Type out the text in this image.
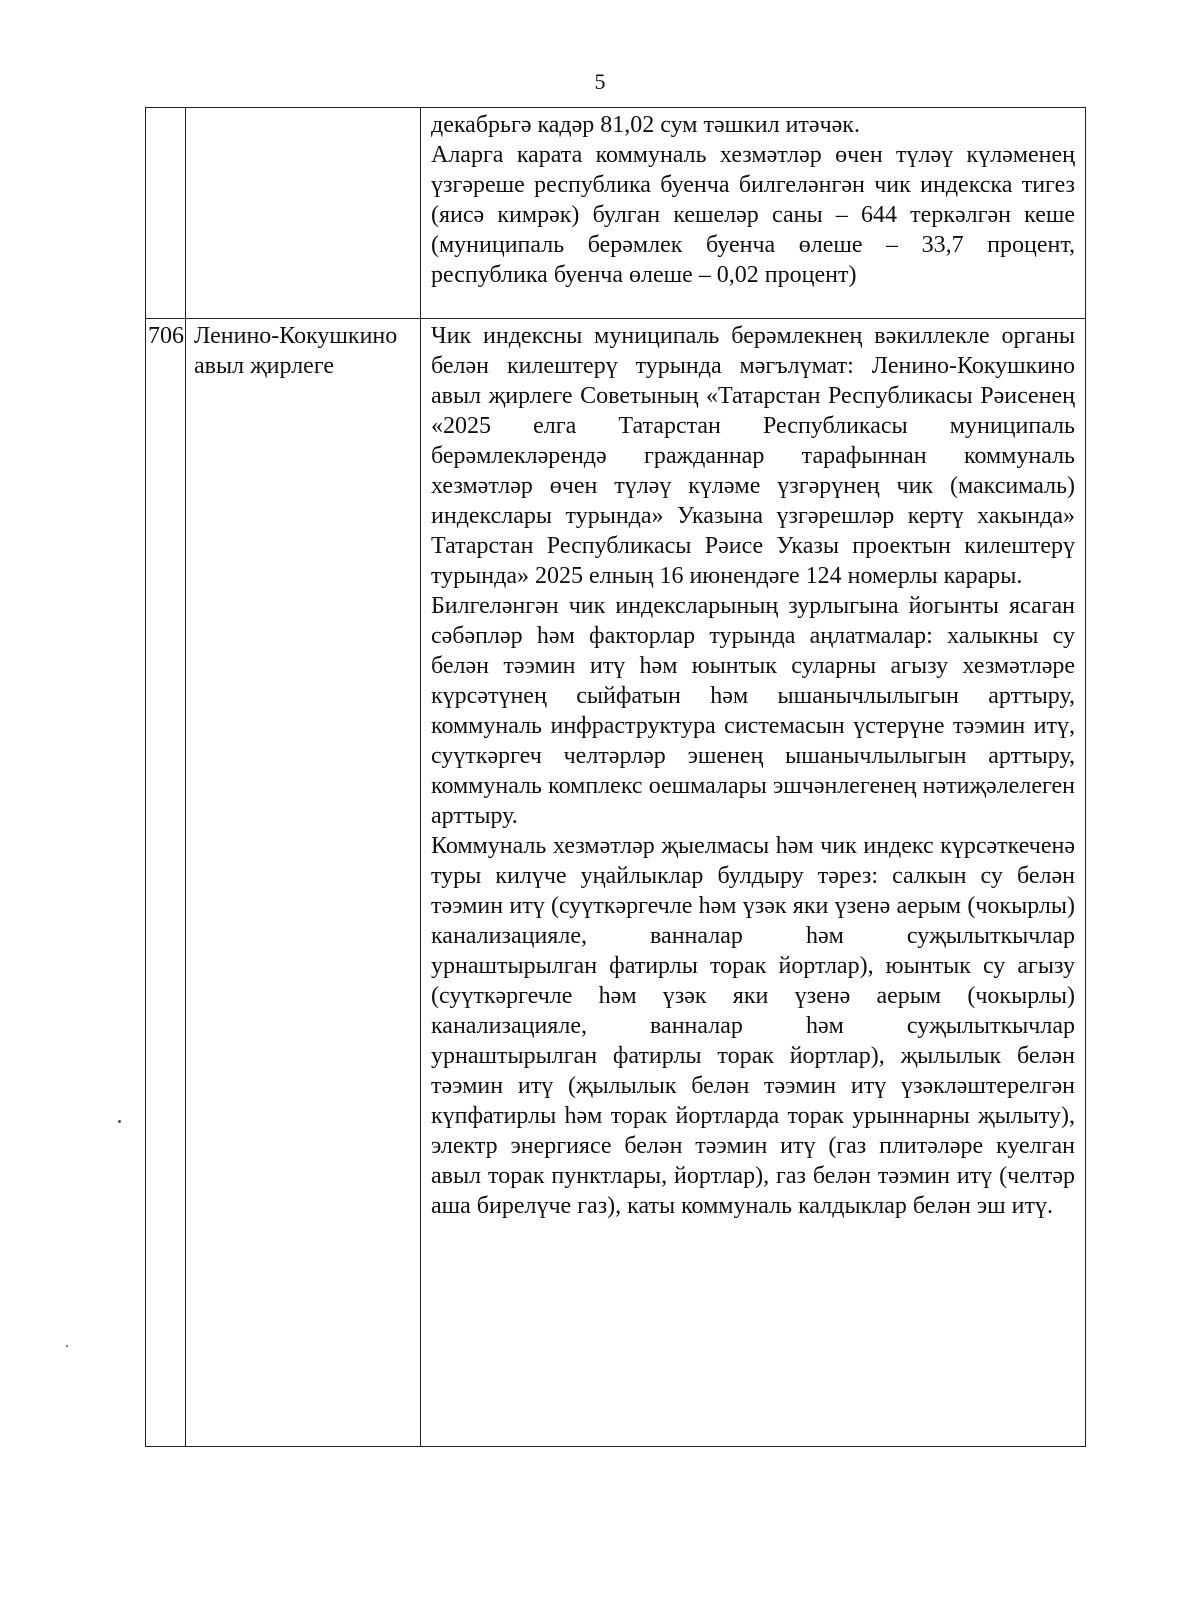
5

		декабрьгә кадәр 81,02 сум тәшкил итәчәк.

Аларга карата коммуналь хезмәтләр өчен түләү күләменең үзгәреше республика буенча билгеләнгән чик индекска тигез (яисә кимрәк) булган кешеләр саны – 644 теркәлгән кеше (муниципаль берәмлек буенча өлеше – 33,7 процент, республика буенча өлеше – 0,02 процент)

706	Ленино-Кокушкино авыл җирлеге	Чик индексны муниципаль берәмлекнең вәкиллекле органы белән килештерү турында мәгълүмат: Ленино-Кокушкино авыл җирлеге Советының «Татарстан Республикасы Рәисенең «2025 елга Татарстан Республикасы муниципаль берәмлекләрендә гражданнар тарафыннан коммуналь хезмәтләр өчен түләү күләме үзгәрүнең чик (максималь) индекслары турында» Указына үзгәрешләр кертү хакында» Татарстан Республикасы Рәисе Указы проектын килештерү турында» 2025 елның 16 июнендәге 124 номерлы карары.

Билгеләнгән чик индексларының зурлыгына йогынты ясаган сәбәпләр һәм факторлар турында аңлатмалар: халыкны су белән тәэмин итү һәм юынтык суларны агызу хезмәтләре күрсәтүнең сыйфатын һәм ышанычлылыгын арттыру, коммуналь инфраструктура системасын үстерүне тәэмин итү, суүткәргеч челтәрләр эшенең ышанычлылыгын арттыру, коммуналь комплекс оешмалары эшчәнлегенең нәтиҗәлелеген арттыру.

Коммуналь хезмәтләр җыелмасы һәм чик индекс күрсәткеченә туры килүче уңайлыклар булдыру тәрез: салкын су белән тәэмин итү (суүткәргечле һәм үзәк яки үзенә аерым (чокырлы) канализацияле, ванналар һәм суҗылыткычлар урнаштырылган фатирлы торак йортлар), юынтык су агызу (суүткәргечле һәм үзәк яки үзенә аерым (чокырлы) канализацияле, ванналар һәм суҗылыткычлар урнаштырылган фатирлы торак йортлар), җылылык белән тәэмин итү (җылылык белән тәэмин итү үзәкләштерелгән күпфатирлы һәм торак йортларда торак урыннарны җылыту), электр энергиясе белән тәэмин итү (газ плитәләре куелган авыл торак пунктлары, йортлар), газ белән тәэмин итү (челтәр аша бирелүче газ), каты коммуналь калдыклар белән эш итү.
